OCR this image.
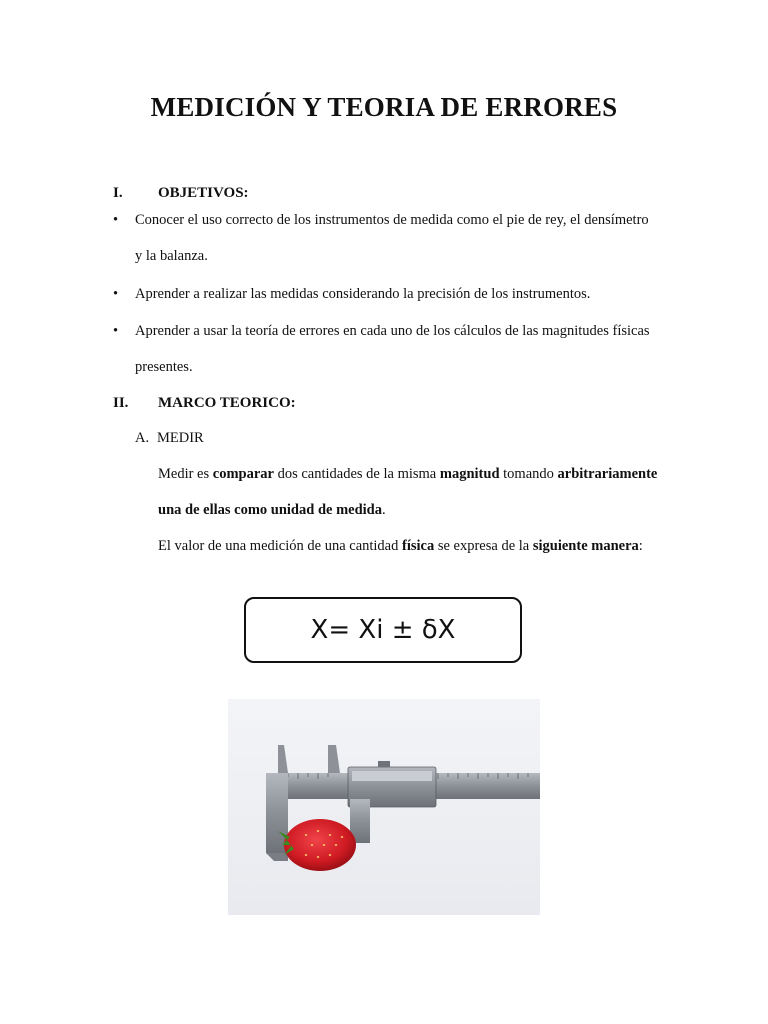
MEDICIÓN Y TEORIA DE ERRORES
I. OBJETIVOS:
• Conocer el uso correcto de los instrumentos de medida como el pie de rey, el densímetro
y la balanza.
• Aprender a realizar las medidas considerando la precisión de los instrumentos.
• Aprender a usar la teoría de errores en cada uno de los cálculos de las magnitudes físicas
presentes.
II. MARCO TEORICO:
A. MEDIR
Medir es comparar dos cantidades de la misma magnitud tomando arbitrariamente
una de ellas como unidad de medida.
El valor de una medición de una cantidad física se expresa de la siguiente manera:
X= Xi ± δX
